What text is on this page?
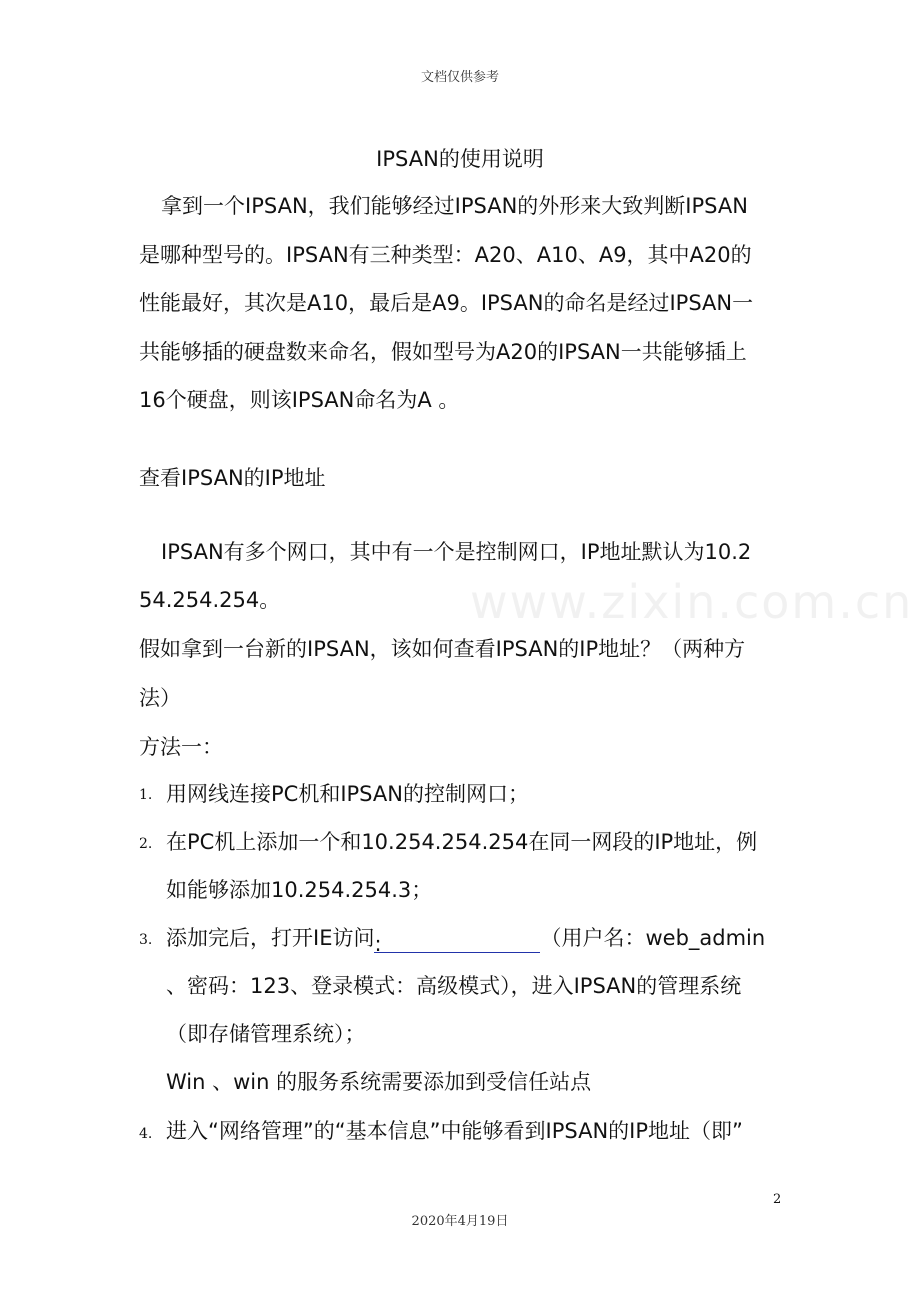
文档仅供参考
www.zixin.com.cn
IPSAN的使用说明

拿到一个IPSAN，我们能够经过IPSAN的外形来大致判断IPSAN

是哪种型号的。IPSAN有三种类型：A20、A10、A9，其中A20的

性能最好，其次是A10，最后是A9。IPSAN的命名是经过IPSAN一

共能够插的硬盘数来命名，假如型号为A20的IPSAN一共能够插上

16个硬盘，则该IPSAN命名为A 。

查看IPSAN的IP地址
IPSAN有多个网口，其中有一个是控制网口，IP地址默认为10.2
54.254.254。
假如拿到一台新的IPSAN，该如何查看IPSAN的IP地址？（两种方
法）
方法一：
1. 用网线连接PC机和IPSAN的控制网口；
2. 在PC机上添加一个和10.254.254.254在同一网段的IP地址，例
如能够添加10.254.254.3；
3. 添加完后，打开IE访问:	（用户名：web_admin
、密码：123、登录模式：高级模式），进入IPSAN的管理系统
（即存储管理系统）；
Win 、win 的服务系统需要添加到受信任站点
4. 进入“网络管理”的“基本信息”中能够看到IPSAN的IP地址（即”
2
2020年4月19日
